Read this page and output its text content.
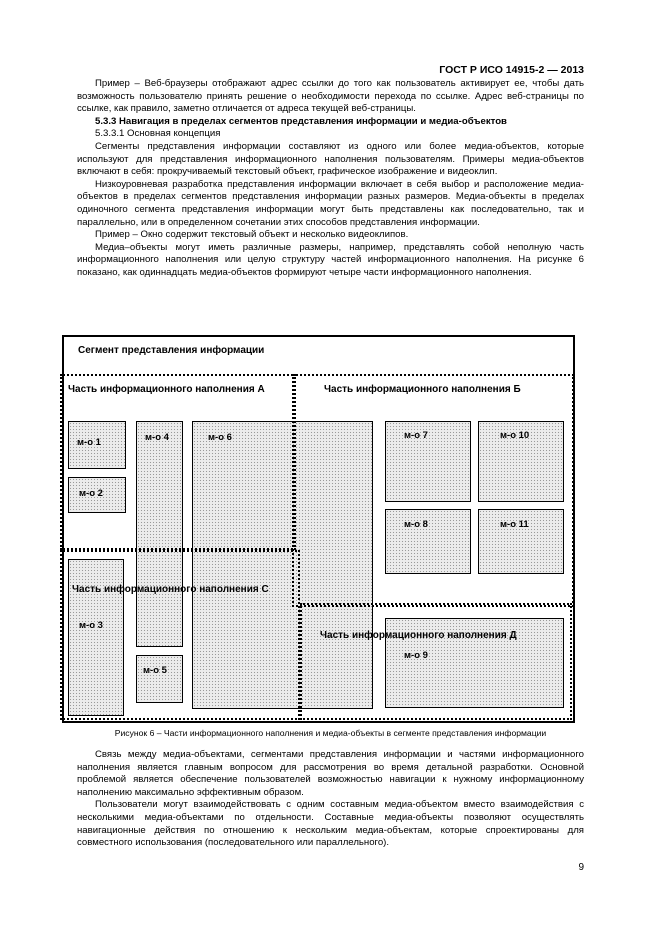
ГОСТ Р ИСО 14915-2 — 2013

Пример – Веб-браузеры отображают адрес ссылки до того как пользователь активирует ее, чтобы дать возможность пользователю принять решение о необходимости перехода по ссылке. Адрес веб-страницы по ссылке, как правило, заметно отличается от адреса текущей веб-страницы.

5.3.3 Навигация в пределах сегментов представления информации и медиа-объектов

5.3.3.1 Основная концепция

Сегменты представления информации составляют из одного или более медиа-объектов, которые используют для представления информационного наполнения пользователям. Примеры медиа-объектов включают в себя: прокручиваемый текстовый объект, графическое изображение и видеоклип.

Низкоуровневая разработка представления информации включает в себя выбор и расположение медиа-объектов в пределах сегментов представления информации разных размеров. Медиа-объекты в пределах одиночного сегмента представления информации могут быть представлены как последовательно, так и параллельно, или в определенном сочетании этих способов представления информации.

Пример – Окно содержит текстовый объект и несколько видеоклипов.

Медиа–объекты могут иметь различные размеры, например, представлять собой неполную часть информационного наполнения или целую структуру частей информационного наполнения. На рисунке 6 показано, как одиннадцать медиа-объектов формируют четыре части информационного наполнения.

Сегмент представления информации
Часть информационного наполнения А	Часть информационного наполнения Б
Часть информационного наполнения С
Часть информационного наполнения Д
м-о 1
м-о 2
м-о 3
м-о 4
м-о 5
м-о 6	м-о 7	м-о 10
м-о 8	м-о 11
м-о 9
Рисунок 6 – Части информационного наполнения и медиа-объекты в сегменте представления информации

Связь между медиа-объектами, сегментами представления информации и частями информационного наполнения является главным вопросом для рассмотрения во время детальной разработки. Основной проблемой является обеспечение пользователей возможностью навигации к нужному информационному наполнению максимально эффективным образом.

Пользователи могут взаимодействовать с одним составным медиа-объектом вместо взаимодействия с несколькими медиа-объектами по отдельности. Составные медиа-объекты позволяют осуществлять навигационные действия по отношению к нескольким медиа-объектам, которые спроектированы для совместного использования (последовательного или параллельного).

9
